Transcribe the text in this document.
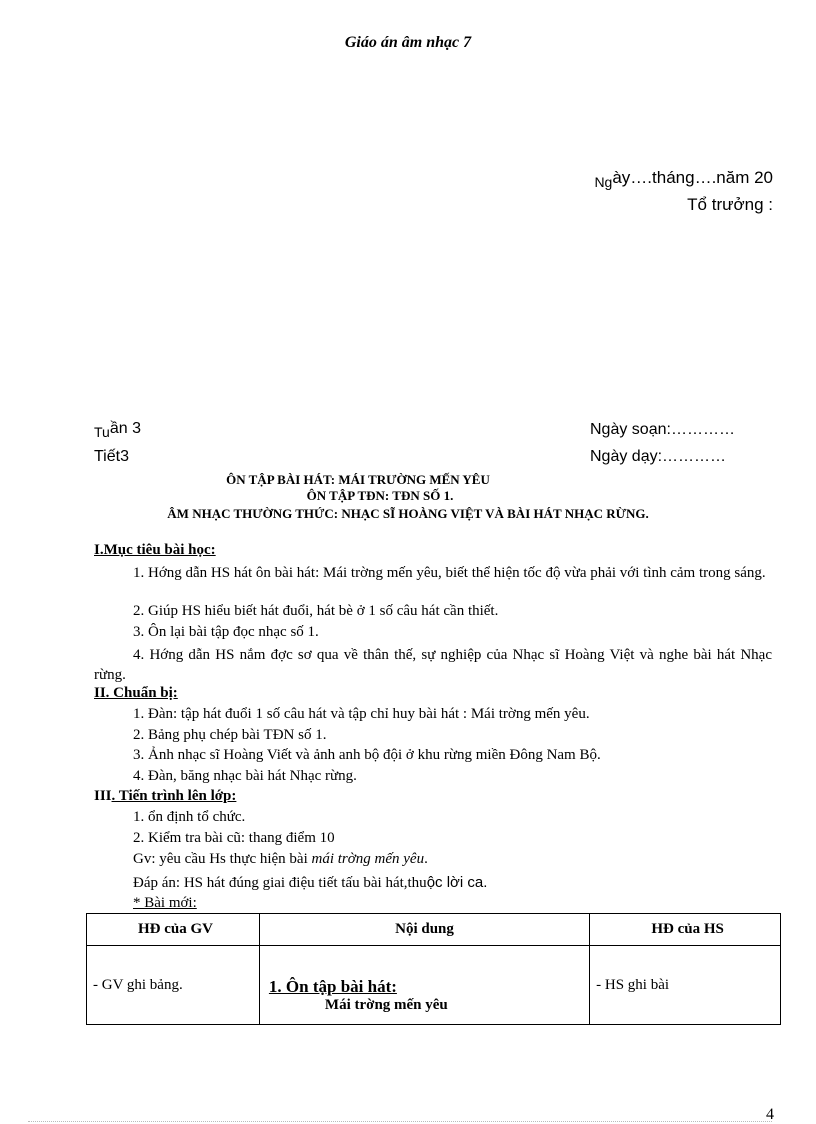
Giáo án âm nhạc 7
$_{Ng}$ày….tháng….năm 20
Tổ trưởng :
Tuần 3
Tiết3
Ngày soạn:…………
Ngày dạy:…………
ÔN TẬP BÀI HÁT: MÁI TRƯỜNG MẾN YÊU
ÔN TẬP TĐN: TĐN SỐ 1.
ÂM NHẠC THƯỜNG THỨC: NHẠC SĨ HOÀNG VIỆT VÀ BÀI HÁT NHẠC RỪNG.
I.Mục tiêu bài học:
1. Hớng dẫn HS hát ôn bài hát: Mái trờng mến yêu, biết thể hiện tốc độ vừa phải với tình cảm trong sáng.
2. Giúp HS hiểu biết hát đuổi, hát bè ở 1 số câu hát cần thiết.
3. Ôn lại bài tập đọc nhạc số 1.
4. Hớng dẫn HS nắm đợc sơ qua về thân thế, sự nghiệp của Nhạc sĩ Hoàng Việt và nghe bài hát Nhạc rừng.
II. Chuẩn bị:
1. Đàn: tập hát đuổi 1 số câu hát và tập chỉ huy bài hát : Mái trờng mến yêu.
2. Bảng phụ chép bài TĐN số 1.
3. Ảnh nhạc sĩ Hoàng Viết và ảnh anh bộ đội ở khu rừng miền Đông Nam Bộ.
4. Đàn, băng nhạc bài hát Nhạc rừng.
III. Tiến trình lên lớp:
1. ổn định tổ chức.
2. Kiểm tra bài cũ: thang điểm 10
Gv: yêu cầu Hs thực hiện bài mái trờng mến yêu.
Đáp án: HS hát đúng giai điệu tiết tấu bài hát,thuộc lời ca.
* Bài mới:
HĐ của GV	Nội dung	HĐ của HS
- GV ghi bảng.	1. Ôn tập bài hát:
Mái trờng mến yêu	- HS ghi bài
4
